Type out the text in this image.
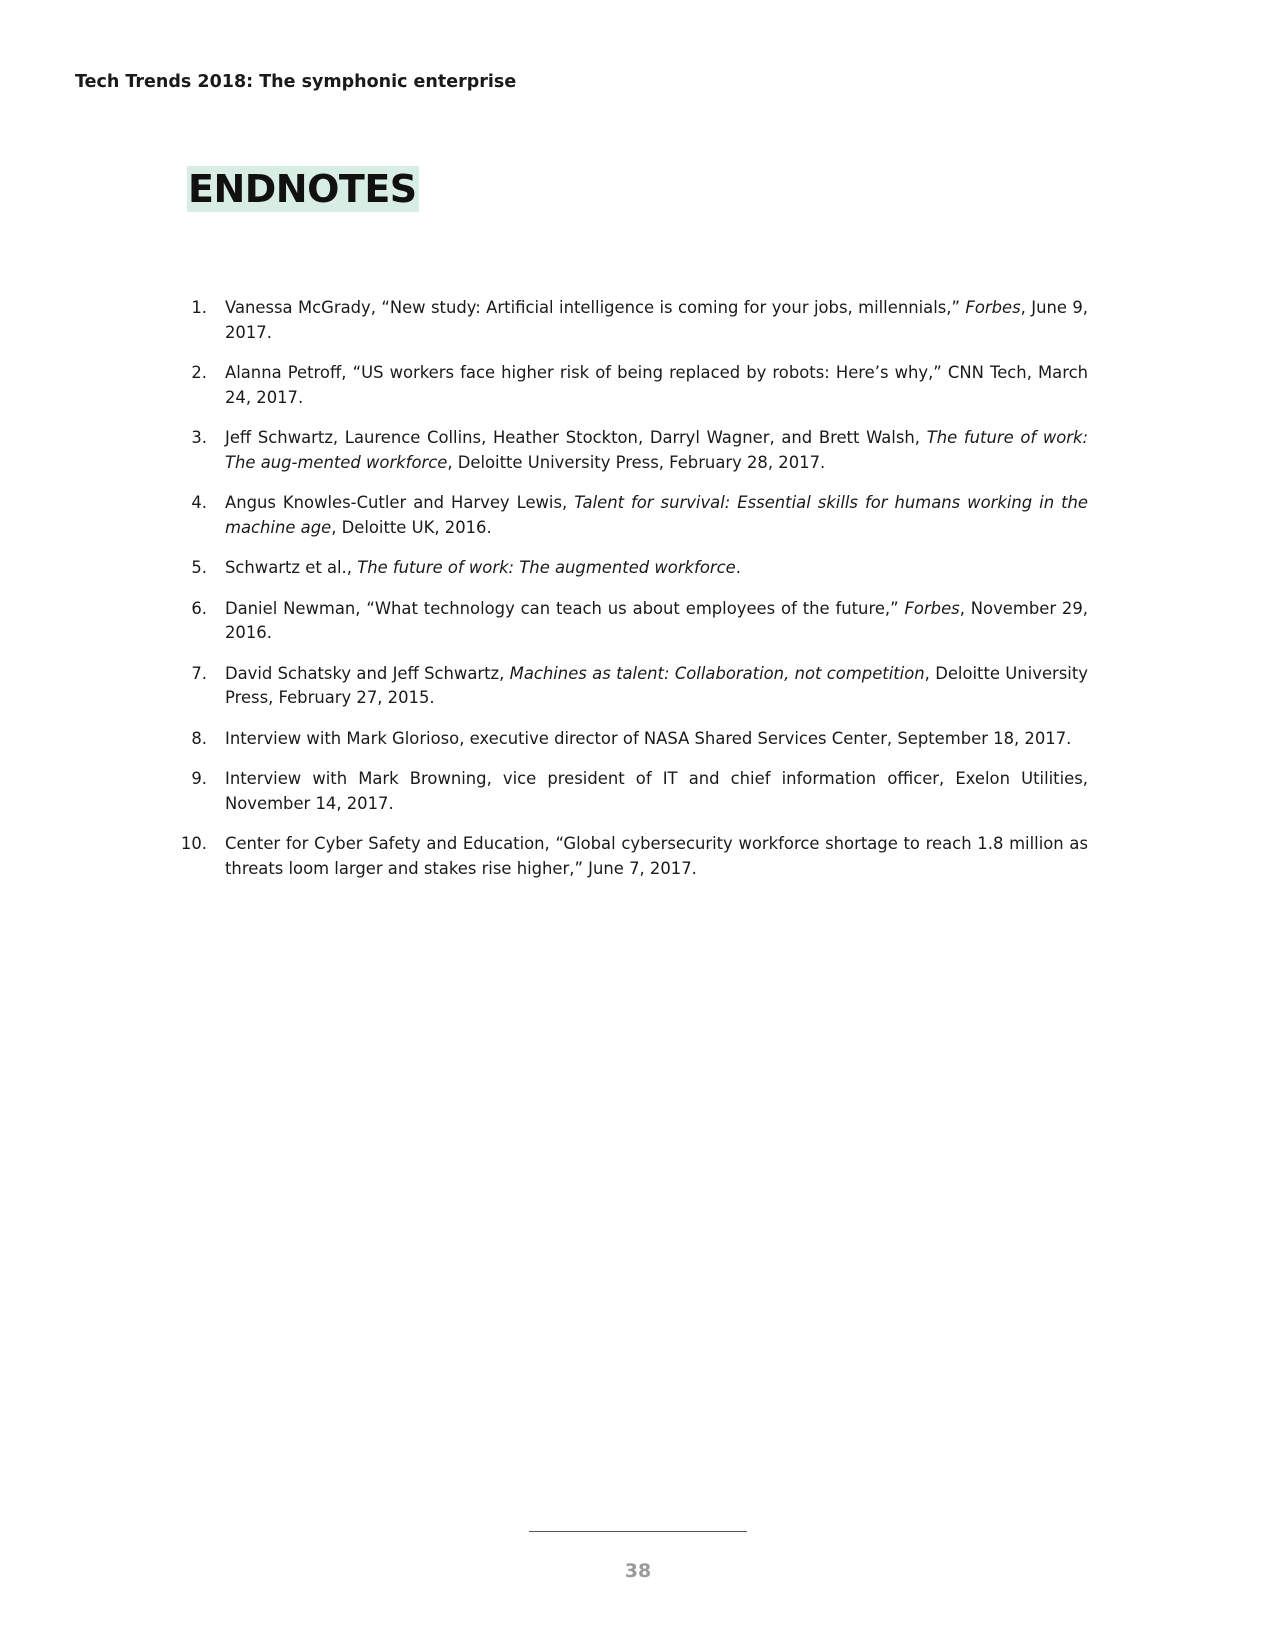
Tech Trends 2018: The symphonic enterprise
ENDNOTES
1. Vanessa McGrady, “New study: Artificial intelligence is coming for your jobs, millennials,” Forbes, June 9, 2017.
2. Alanna Petroff, “US workers face higher risk of being replaced by robots: Here’s why,” CNN Tech, March 24, 2017.
3. Jeff Schwartz, Laurence Collins, Heather Stockton, Darryl Wagner, and Brett Walsh, The future of work: The aug-mented workforce, Deloitte University Press, February 28, 2017.
4. Angus Knowles-Cutler and Harvey Lewis, Talent for survival: Essential skills for humans working in the machine age, Deloitte UK, 2016.
5. Schwartz et al., The future of work: The augmented workforce.
6. Daniel Newman, “What technology can teach us about employees of the future,” Forbes, November 29, 2016.
7. David Schatsky and Jeff Schwartz, Machines as talent: Collaboration, not competition, Deloitte University Press, February 27, 2015.
8. Interview with Mark Glorioso, executive director of NASA Shared Services Center, September 18, 2017.
9. Interview with Mark Browning, vice president of IT and chief information officer, Exelon Utilities, November 14, 2017.
10. Center for Cyber Safety and Education, “Global cybersecurity workforce shortage to reach 1.8 million as threats loom larger and stakes rise higher,” June 7, 2017.
38
